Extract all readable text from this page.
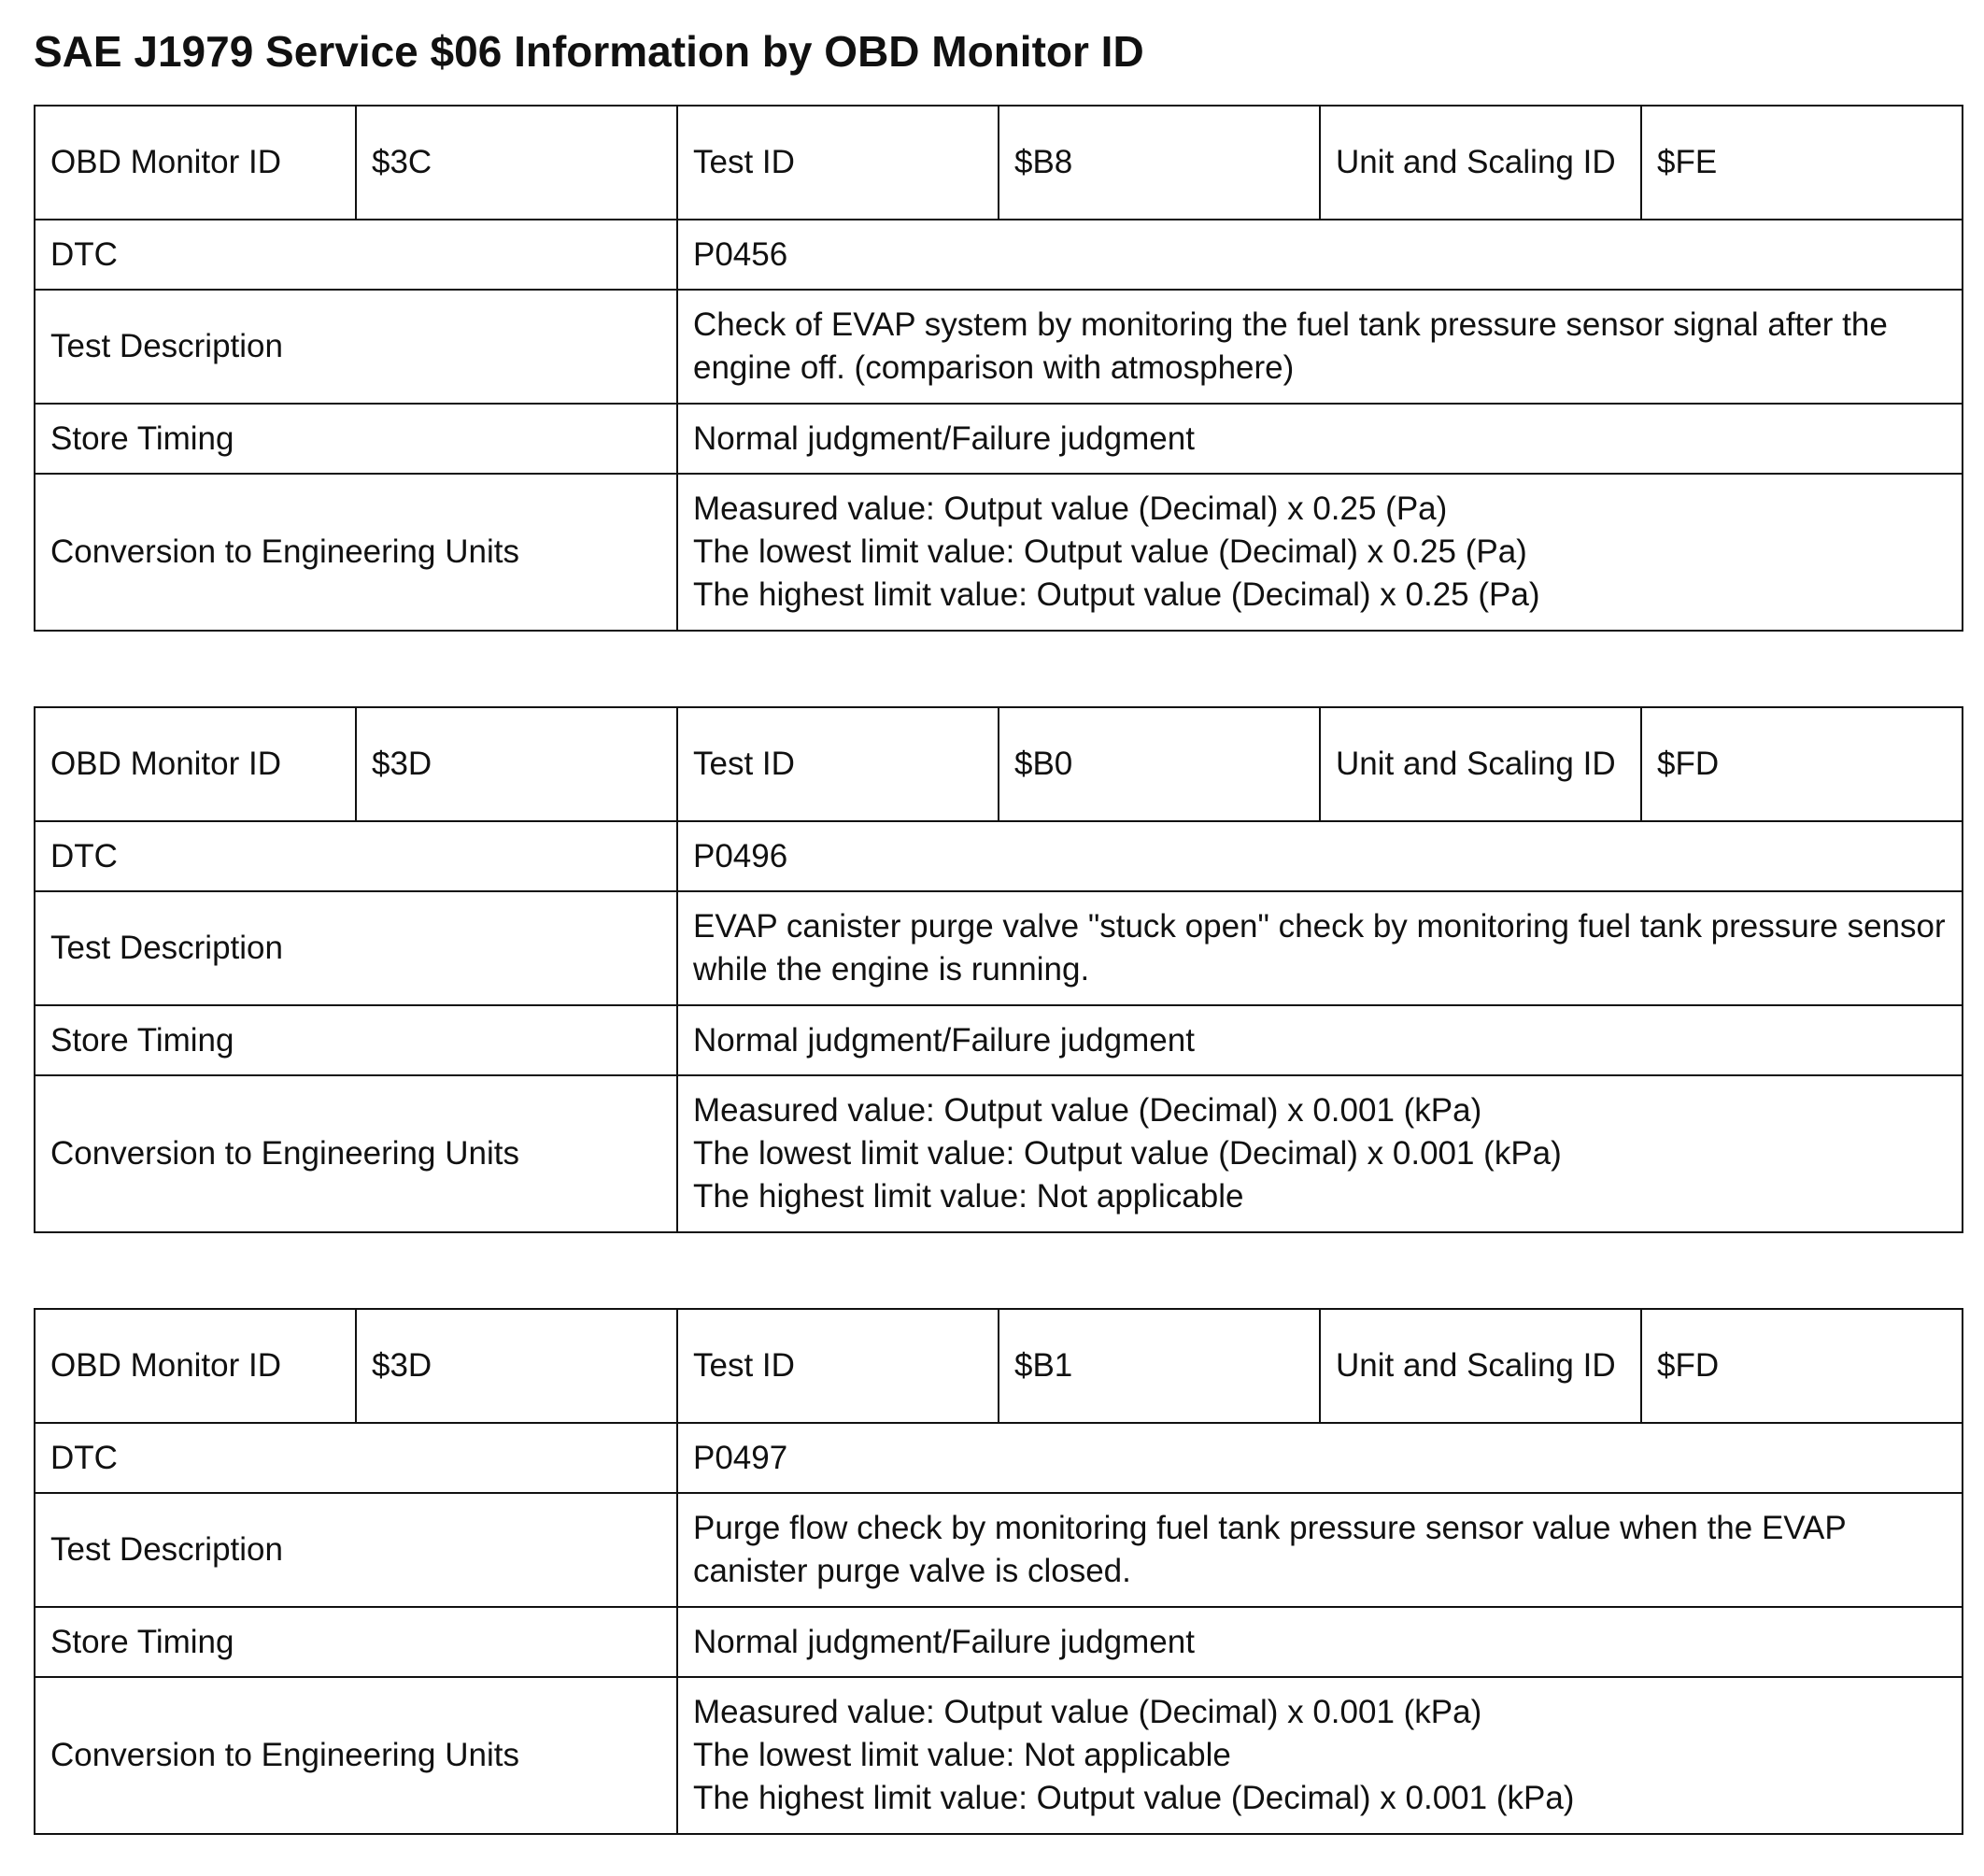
SAE J1979 Service $06 Information by OBD Monitor ID
OBD Monitor ID	$3C	Test ID	$B8	Unit and Scaling ID	$FE
DTC		P0456			
Test Description		Check of EVAP system by monitoring the fuel tank pressure sensor signal after the engine off. (comparison with atmosphere)			
Store Timing		Normal judgment/Failure judgment			
Conversion to Engineering Units		Measured value: Output value (Decimal) x 0.25 (Pa)
The lowest limit value: Output value (Decimal) x 0.25 (Pa)
The highest limit value: Output value (Decimal) x 0.25 (Pa)			
OBD Monitor ID	$3D	Test ID	$B0	Unit and Scaling ID	$FD
DTC		P0496			
Test Description		EVAP canister purge valve "stuck open" check by monitoring fuel tank pressure sensor while the engine is running.			
Store Timing		Normal judgment/Failure judgment			
Conversion to Engineering Units		Measured value: Output value (Decimal) x 0.001 (kPa)
The lowest limit value: Output value (Decimal) x 0.001 (kPa)
The highest limit value: Not applicable			
OBD Monitor ID	$3D	Test ID	$B1	Unit and Scaling ID	$FD
DTC		P0497			
Test Description		Purge flow check by monitoring fuel tank pressure sensor value when the EVAP canister purge valve is closed.			
Store Timing		Normal judgment/Failure judgment			
Conversion to Engineering Units		Measured value: Output value (Decimal) x 0.001 (kPa)
The lowest limit value: Not applicable
The highest limit value: Output value (Decimal) x 0.001 (kPa)			
